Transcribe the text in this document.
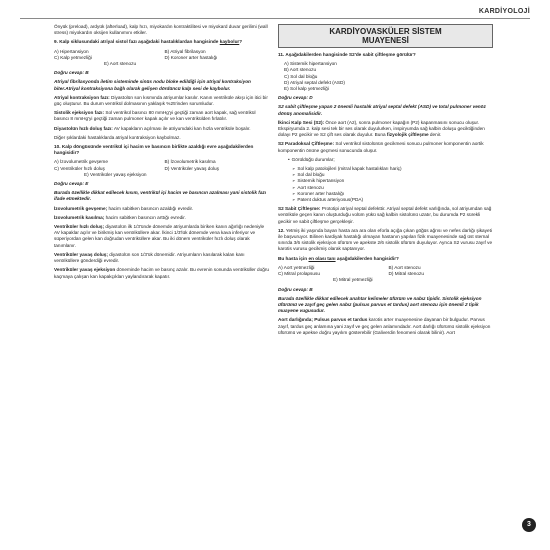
KARDİYOLOJİ

Önyük (preload), ardyük (afterload), kalp hızı, miyokardın kontraktilitesi ve miyokard duvar gerilimi (wall stress) miyokardın oksijen kullanımını etkiler.

9. Kalp siklusundaki atriyal sistol fazı aşağıdaki hastalıklardan hangisinde kaybolur?

A) Hipertansiyon	B) Atriyal fibrilasyon
C) Kalp yetmezliği	D) Koroner arter hastalığı
E) Aort stenozu

Doğru cevap: B

Atriyal fibrilasyonda iletim sisteminde sinüs nodu bloke edildiği için atriyal kontraksiyon biter.Atriyal kontraksiyona bağlı olarak gelişen dördüncü kalp sesi de kaybolur.

Atriyal kontraksiyon fazı: Diyastolün son kısmında atriyumlar kasılır. Kanın ventriküle akışı için itici bir güç oluşturur. Bu durum ventrikül dolmasının yaklaşık %25'inden sorumludur.

Sistolik ejeksiyon fazı: Sol ventrikül basıncı 80 mmHg'yi geçtiği zaman aort kapak, sağ ventrikül basıncı 8 mmHg'yi geçtiği zaman pulmoner kapak açılır ve kan ventrikülden fırlatılır.

Diyastolün hızlı doluş fazı: AV kapakların açılması ile atriyumdaki kan hızla ventriküle boşalır.

Diğer şıklardaki hastalıklarda atriyal kontraksiyon kaybolmaz.

10. Kalp döngüsünde ventrikül içi hacim ve basıncın birlikte azaldığı evre aşağıdakilerden hangisidir?

A) İzovolumetrik gevşeme	B) İzovolumetrik kasılma
C) Ventriküler hızlı doluş	D) Ventriküler yavaş doluş
E) Ventriküler yavaş ejeksiyon

Doğru cevap: E

Burada özellikle dikkat edilecek kısım, ventrikül içi hacim ve basıncın azalması yani sistolik fazı ifade etmektedir.

İzovolumetrik gevşeme; hacim sabitken basıncın azaldığı evredir.

İzovolumetrik kasılma; hacim sabitken basıncın arttığı evredir.

Ventriküler hızlı doluş; diyastolün ilk 1/3'ünde dönemde atriyumlarda biriken kanın ağırlığı nedeniyle AV kapaklar açılır ve birikmiş kan ventriküllere akar. İkinci 1/3'lük dönemde vena kava inferiyor ve süperiyordan gelen kan doğrudan ventriküllere akar. Bu iki dönem ventriküler hızlı doluş olarak tanımlanır.

Ventriküler yavaş doluş; diyastolün son 1/3'ük dönemidir. Atriyumların kasılarak kalan kanı ventriküllere gönderdiği evredir.

Ventriküler yavaş ejeksiyon döneminde hacim ve basınç azalır. Bu evrenin sonunda ventriküller doğru kaçmaya çalışan kan kapakçıkları yaylandırarak kapatır.

KARDİYOVASKÜLER SİSTEM
MUAYENESİ

11. Aşağıdakilerden hangisinde S2'de sabit çiftleşme görülür?

A) Sistemik hipertansiyon
B) Aort stenozu
C) Sol dal bloğu
D) Atriyal septal defekt (ASD)
E) Sol kalp yetmezliği

Doğru cevap: D

S2 sabit çiftleşme yapan 2 önemli hastalık atriyal septal defekt (ASD) ve total pulmoner venöz dönüş anomalisidir.

İkinci Kalp Sesi (S2): Önce aort (A2), sonra pulmoner kapağın (P2) kapanmasını sonucu oluşur. Ekspiryumda 2. kalp sesi tek bir ses olarak duyulurken, inspiryumda sağ kalbin doluşu geciktiğinden dolayı P2 gecikir ve S2 çift ses olarak duyulur. Buna fizyolojik çiftleşme denir.

S2 Paradoksal Çiftleşme: Sol ventrikül sistolünün gecikmesi sonucu pulmoner komponentin aortik komponentin önüne geçmesi sonucunda oluşur.

• Görüldüğü durumlar;
➢ Sol kalp patolojileri (mitral kapak hastalıkları hariç)
➢ Sol dal bloğu
➢ Sistemik hipertansiyon
➢ Aort stenozu
➢ Koroner arter hastalığı
➢ Patent duktus arteriyosus(PDA)

S2 Sabit Çiftleşme: Prototipi atriyal septal defekttir. Atriyal septal defekt varlığında, sol atriyumdan sağ ventriküle geçen kanın oluşturduğu volüm yükü sağ kalbin sistolünü uzatır, bu durumda P2 sürekli gecikir ve sabit çiftleşme gerçekleşir.

12. Yetmiş iki yaşında bayan hasta ara ara olan eforla açığa çıkan göğüs ağrısı ve nefes darlığı şikayeti ile başvuruyor. Bilinen kardiyak hastalığı olmayan hastanın yapılan fizik muayenesinde sağ üst sternal sınırda 3/6 sistolik ejeksiyon üfürüm ve apekste 2/6 sistolik üfürüm duyuluyor. Ayrıca S2 vurusu zayıf ve karotis vurusu gecikmiş olarak saptanıyor.

Bu hasta için en olası tanı aşağıdakilerden hangisidir?

A) Aort yetmezliği	B) Aort stenozu
C) Mitral prolapsusu	D) Mitral stenozu
E) Mitral yetmezliği

Doğru cevap: B

Burada özellikle dikkat edilecek anahtar kelimeler üfürüm ve nabız tipidir. Sistolik ejeksiyon üfürümü ve zayıf geç gelen nabız (pulsus parvus et tardus) aort stenozu için önemli 2 tipik muayene vugusudur.

Aort darlığında; Pulsus parvus et tardus karotis arter muayenesine dayanan bir bulgudur. Parvus zayıf, tardus geç anlamına yani zayıf ve geç gelen anlamındadır. Aort darlığı üfürümü sistolik ejeksiyon üfürümü ve apekse doğru yayılım gösterebilir (Galiverdin fenomeni olarak bilinir). Aort

3
